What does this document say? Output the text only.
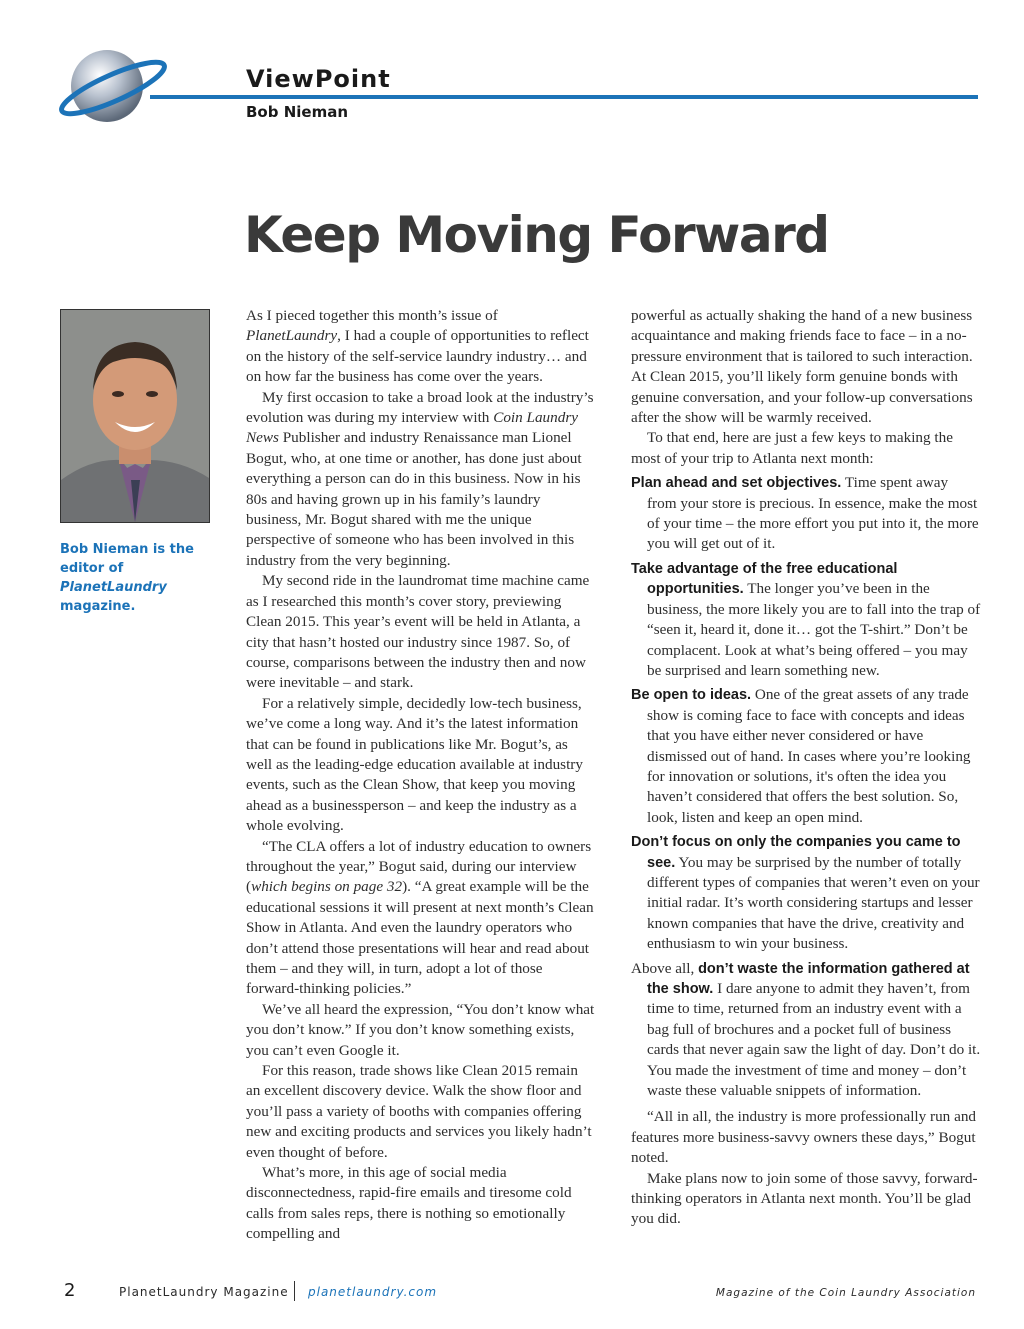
ViewPoint

Bob Nieman

Keep Moving Forward

Bob Nieman is the editor of PlanetLaundry magazine.

As I pieced together this month’s issue of PlanetLaundry, I had a couple of opportunities to reflect on the history of the self-service laundry industry… and on how far the business has come over the years.

My first occasion to take a broad look at the industry’s evolution was during my interview with Coin Laundry News Publisher and industry Renaissance man Lionel Bogut, who, at one time or another, has done just about everything a person can do in this business. Now in his 80s and having grown up in his family’s laundry business, Mr. Bogut shared with me the unique perspective of someone who has been involved in this industry from the very beginning.

My second ride in the laundromat time machine came as I researched this month’s cover story, previewing Clean 2015. This year’s event will be held in Atlanta, a city that hasn’t hosted our industry since 1987. So, of course, comparisons between the industry then and now were inevitable – and stark.

For a relatively simple, decidedly low-tech business, we’ve come a long way. And it’s the latest information that can be found in publications like Mr. Bogut’s, as well as the leading-edge education available at industry events, such as the Clean Show, that keep you moving ahead as a businessperson – and keep the industry as a whole evolving.

“The CLA offers a lot of industry education to owners throughout the year,” Bogut said, during our interview (which begins on page 32). “A great example will be the educational sessions it will present at next month’s Clean Show in Atlanta. And even the laundry operators who don’t attend those presentations will hear and read about them – and they will, in turn, adopt a lot of those forward-thinking policies.”

We’ve all heard the expression, “You don’t know what you don’t know.” If you don’t know something exists, you can’t even Google it.

For this reason, trade shows like Clean 2015 remain an excellent discovery device. Walk the show floor and you’ll pass a variety of booths with companies offering new and exciting products and services you likely hadn’t even thought of before.

What’s more, in this age of social media disconnectedness, rapid-fire emails and tiresome cold calls from sales reps, there is nothing so emotionally compelling and

powerful as actually shaking the hand of a new business acquaintance and making friends face to face – in a no-pressure environment that is tailored to such interaction. At Clean 2015, you’ll likely form genuine bonds with genuine conversation, and your follow-up conversations after the show will be warmly received.

To that end, here are just a few keys to making the most of your trip to Atlanta next month:

Plan ahead and set objectives. Time spent away from your store is precious. In essence, make the most of your time – the more effort you put into it, the more you will get out of it.

Take advantage of the free educational opportunities. The longer you’ve been in the business, the more likely you are to fall into the trap of “seen it, heard it, done it… got the T-shirt.” Don’t be complacent. Look at what’s being offered – you may be surprised and learn something new.

Be open to ideas. One of the great assets of any trade show is coming face to face with concepts and ideas that you have either never considered or have dismissed out of hand. In cases where you’re looking for innovation or solutions, it's often the idea you haven’t considered that offers the best solution. So, look, listen and keep an open mind.

Don’t focus on only the companies you came to see. You may be surprised by the number of totally different types of companies that weren’t even on your initial radar. It’s worth considering startups and lesser known companies that have the drive, creativity and enthusiasm to win your business.

Above all, don’t waste the information gathered at the show. I dare anyone to admit they haven’t, from time to time, returned from an industry event with a bag full of brochures and a pocket full of business cards that never again saw the light of day. Don’t do it. You made the investment of time and money – don’t waste these valuable snippets of information.

“All in all, the industry is more professionally run and features more business-savvy owners these days,” Bogut noted.

Make plans now to join some of those savvy, forward-thinking operators in Atlanta next month. You’ll be glad you did.

2	PlanetLaundry Magazine planetlaundry.com	Magazine of the Coin Laundry Association
